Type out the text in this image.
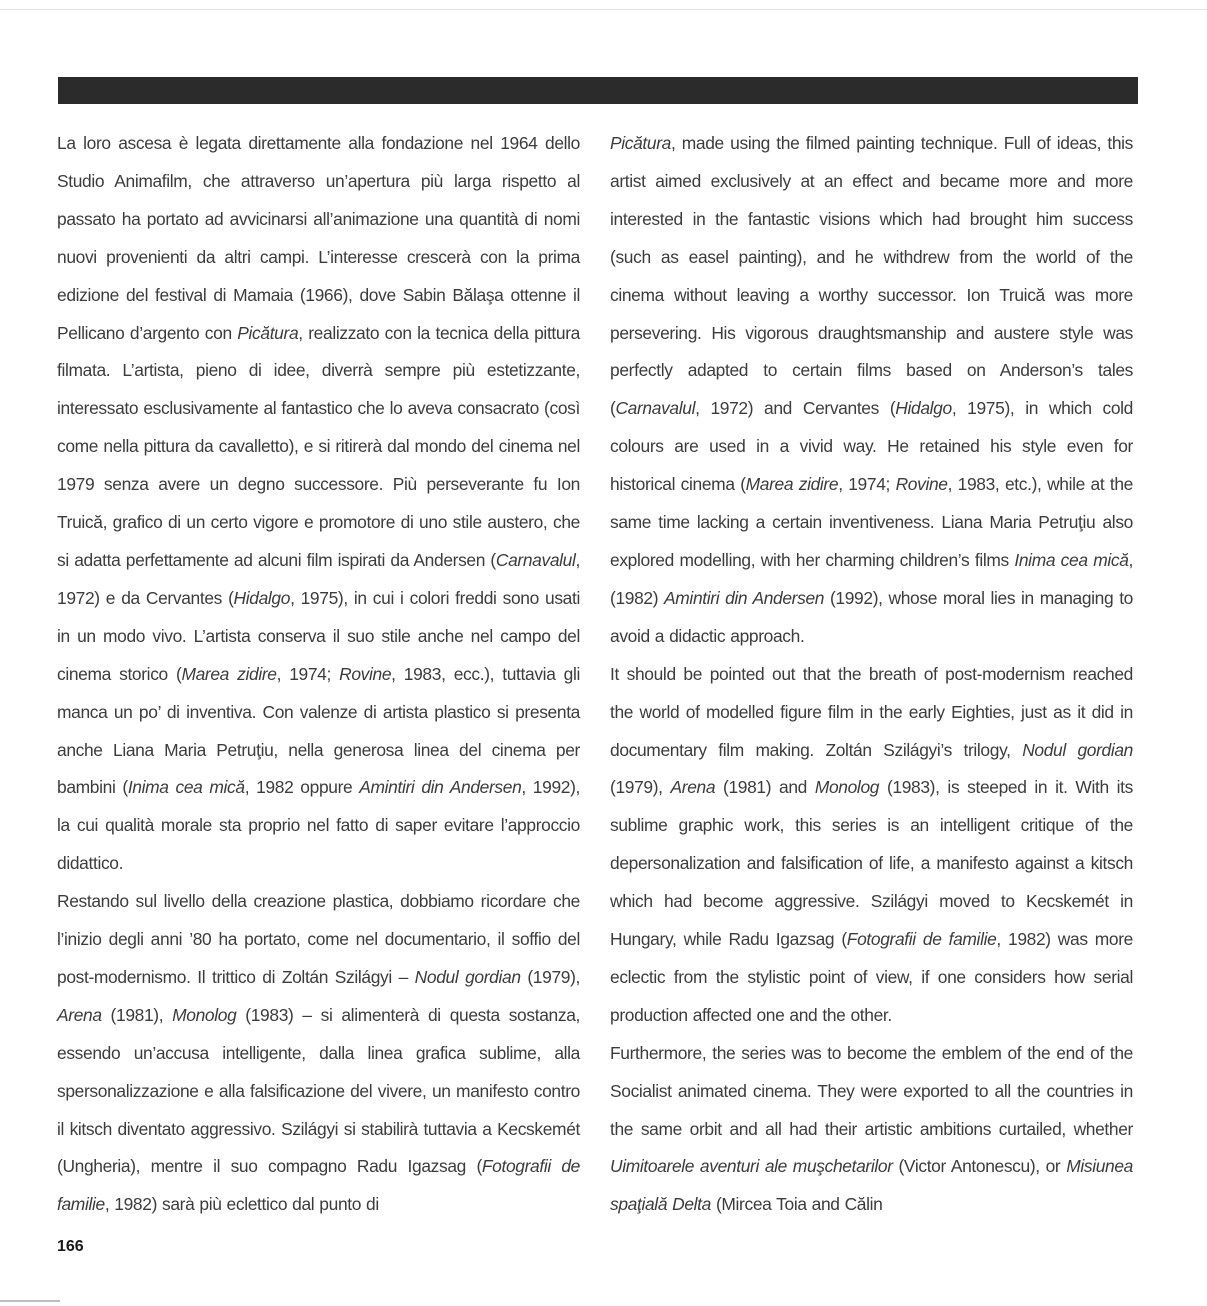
La loro ascesa è legata direttamente alla fondazione nel 1964 dello Studio Animafilm, che attraverso un’apertura più larga rispetto al passato ha portato ad avvicinarsi all’animazione una quantità di nomi nuovi provenienti da altri campi. L’interesse crescerà con la prima edizione del festival di Mamaia (1966), dove Sabin Bălaşa ottenne il Pellicano d’argento con Picătura, realizzato con la tecnica della pittura filmata. L’artista, pieno di idee, diverrà sempre più estetizzante, interessato esclusivamente al fantastico che lo aveva consacrato (così come nella pittura da cavalletto), e si ritirerà dal mondo del cinema nel 1979 senza avere un degno successore. Più perseverante fu Ion Truică, grafico di un certo vigore e promotore di uno stile austero, che si adatta perfettamente ad alcuni film ispirati da Andersen (Carnavalul, 1972) e da Cervantes (Hidalgo, 1975), in cui i colori freddi sono usati in un modo vivo. L’artista conserva il suo stile anche nel campo del cinema storico (Marea zidire, 1974; Rovine, 1983, ecc.), tuttavia gli manca un po’ di inventiva. Con valenze di artista plastico si presenta anche Liana Maria Petruţiu, nella generosa linea del cinema per bambini (Inima cea mică, 1982 oppure Amintiri din Andersen, 1992), la cui qualità morale sta proprio nel fatto di saper evitare l’approccio didattico.

Restando sul livello della creazione plastica, dobbiamo ricordare che l’inizio degli anni ’80 ha portato, come nel documentario, il soffio del post-modernismo. Il trittico di Zoltán Szilágyi – Nodul gordian (1979), Arena (1981), Monolog (1983) – si alimenterà di questa sostanza, essendo un’accusa intelligente, dalla linea grafica sublime, alla spersonalizzazione e alla falsificazione del vivere, un manifesto contro il kitsch diventato aggressivo. Szilágyi si stabilirà tuttavia a Kecskemét (Ungheria), mentre il suo compagno Radu Igazsag (Fotografii de familie, 1982) sarà più eclettico dal punto di

Picătura, made using the filmed painting technique. Full of ideas, this artist aimed exclusively at an effect and became more and more interested in the fantastic visions which had brought him success (such as easel painting), and he withdrew from the world of the cinema without leaving a worthy successor. Ion Truică was more persevering. His vigorous draughtsmanship and austere style was perfectly adapted to certain films based on Anderson’s tales (Carnavalul, 1972) and Cervantes (Hidalgo, 1975), in which cold colours are used in a vivid way. He retained his style even for historical cinema (Marea zidire, 1974; Rovine, 1983, etc.), while at the same time lacking a certain inventiveness. Liana Maria Petruţiu also explored modelling, with her charming children’s films Inima cea mică, (1982) Amintiri din Andersen (1992), whose moral lies in managing to avoid a didactic approach.

It should be pointed out that the breath of post-modernism reached the world of modelled figure film in the early Eighties, just as it did in documentary film making. Zoltán Szilágyi’s trilogy, Nodul gordian (1979), Arena (1981) and Monolog (1983), is steeped in it. With its sublime graphic work, this series is an intelligent critique of the depersonalization and falsification of life, a manifesto against a kitsch which had become aggressive. Szilágyi moved to Kecskemét in Hungary, while Radu Igazsag (Fotografii de familie, 1982) was more eclectic from the stylistic point of view, if one considers how serial production affected one and the other.

Furthermore, the series was to become the emblem of the end of the Socialist animated cinema. They were exported to all the countries in the same orbit and all had their artistic ambitions curtailed, whether Uimitoarele aventuri ale muşchetarilor (Victor Antonescu), or Misiunea spaţială Delta (Mircea Toia and Călin

166
